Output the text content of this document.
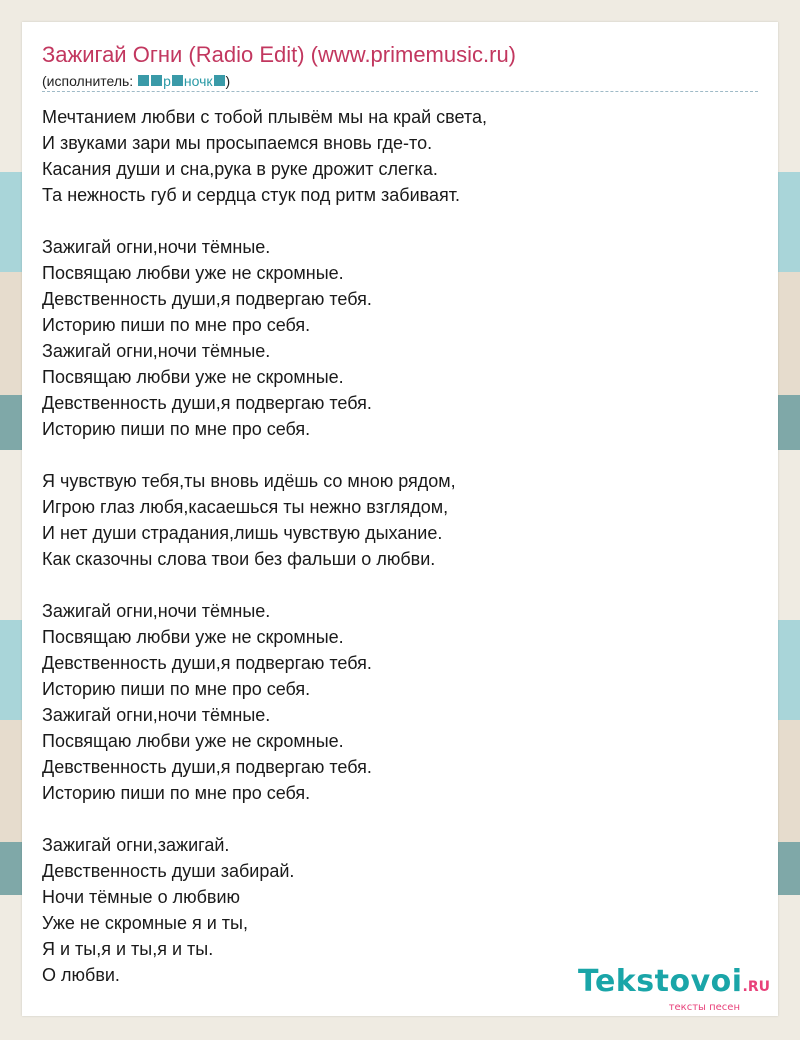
Зажигай Огни (Radio Edit) (www.primemusic.ru)
(исполнитель: р ночк )
Мечтанием любви с тобой плывём мы на край света,
И звуками зари мы просыпаемся вновь где-то.
Касания души и сна,рука в руке дрожит слегка.
Та нежность губ и сердца стук под ритм забиваят.
Зажигай огни,ночи тёмные.
Посвящаю любви уже не скромные.
Девственность души,я подвергаю тебя.
Историю пиши по мне про себя.
Зажигай огни,ночи тёмные.
Посвящаю любви уже не скромные.
Девственность души,я подвергаю тебя.
Историю пиши по мне про себя.
Я чувствую тебя,ты вновь идёшь со мною рядом,
Игрою глаз любя,касаешься ты нежно взглядом,
И нет души страдания,лишь чувствую дыхание.
Как сказочны слова твои без фальши о любви.
Зажигай огни,ночи тёмные.
Посвящаю любви уже не скромные.
Девственность души,я подвергаю тебя.
Историю пиши по мне про себя.
Зажигай огни,ночи тёмные.
Посвящаю любви уже не скромные.
Девственность души,я подвергаю тебя.
Историю пиши по мне про себя.
Зажигай огни,зажигай.
Девственность души забирай.
Ночи тёмные о любвию
Уже не скромные я и ты,
Я и ты,я и ты,я и ты.
О любви.	Tekstovoi.RU
тексты песен
